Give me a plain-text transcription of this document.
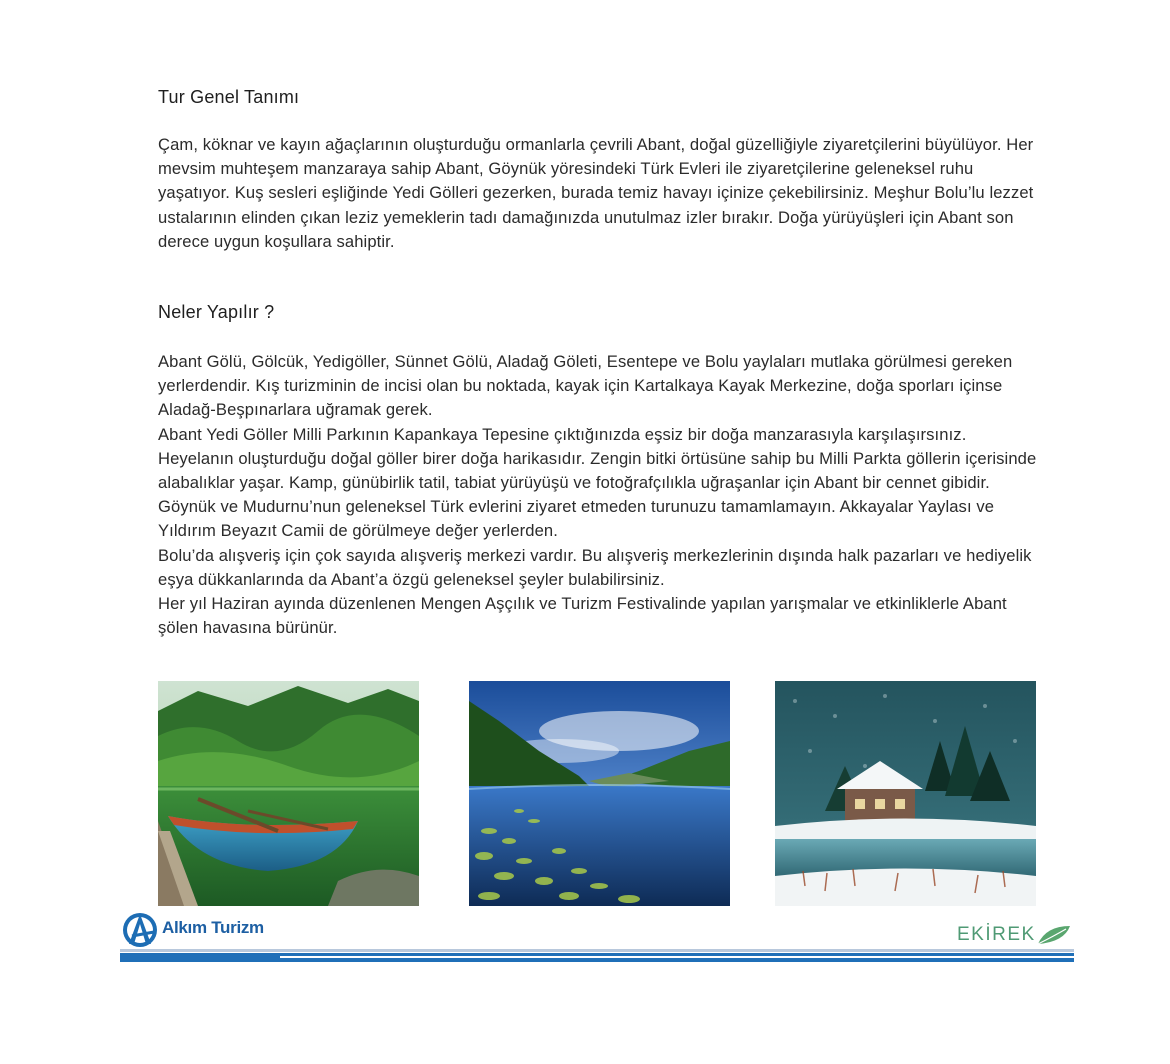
Tur Genel Tanımı

Çam, köknar ve kayın ağaçlarının oluşturduğu ormanlarla çevrili Abant, doğal güzelliğiyle ziyaretçilerini büyülüyor. Her mevsim muhteşem manzaraya sahip Abant, Göynük yöresindeki Türk Evleri ile ziyaretçilerine geleneksel ruhu yaşatıyor. Kuş sesleri eşliğinde Yedi Gölleri gezerken, burada temiz havayı içinize çekebilirsiniz. Meşhur Bolu’lu lezzet ustalarının elinden çıkan leziz yemeklerin tadı damağınızda unutulmaz izler bırakır. Doğa yürüyüşleri için Abant son derece uygun koşullara sahiptir.

Neler Yapılır ?

Abant Gölü, Gölcük, Yedigöller, Sünnet Gölü, Aladağ Göleti, Esentepe ve Bolu yaylaları mutlaka görülmesi gereken yerlerdendir. Kış turizminin de incisi olan bu noktada, kayak için Kartalkaya Kayak Merkezine, doğa sporları içinse Aladağ-Beşpınarlara uğramak gerek.

Abant Yedi Göller Milli Parkının Kapankaya Tepesine çıktığınızda eşsiz bir doğa manzarasıyla karşılaşırsınız. Heyelanın oluşturduğu doğal göller birer doğa harikasıdır. Zengin bitki örtüsüne sahip bu Milli Parkta göllerin içerisinde alabalıklar yaşar. Kamp, günübirlik tatil, tabiat yürüyüşü ve fotoğrafçılıkla uğraşanlar için Abant bir cennet gibidir. Göynük ve Mudurnu’nun geleneksel Türk evlerini ziyaret etmeden turunuzu tamamlamayın. Akkayalar Yaylası ve Yıldırım Beyazıt Camii de görülmeye değer yerlerden.

Bolu’da alışveriş için çok sayıda alışveriş merkezi vardır. Bu alışveriş merkezlerinin dışında halk pazarları ve hediyelik eşya dükkanlarında da Abant’a özgü geleneksel şeyler bulabilirsiniz.

Her yıl Haziran ayında düzenlenen Mengen Aşçılık ve Turizm Festivalinde yapılan yarışmalar ve etkinliklerle Abant şölen havasına bürünür.

Alkım Turizm	EKİREK
